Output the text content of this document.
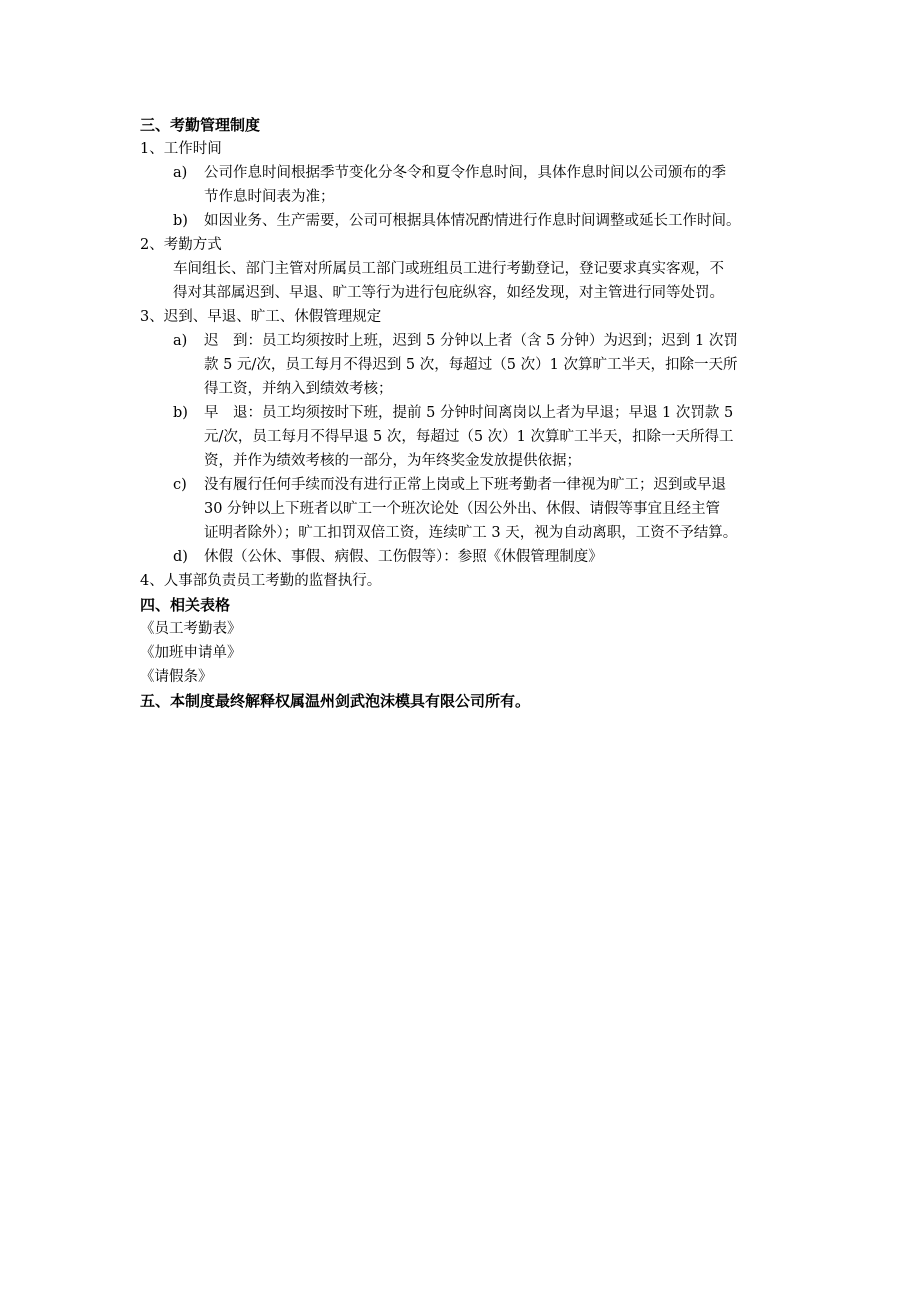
三、考勤管理制度
1、工作时间
a) 公司作息时间根据季节变化分冬令和夏令作息时间，具体作息时间以公司颁布的季
节作息时间表为准；
b) 如因业务、生产需要，公司可根据具体情况酌情进行作息时间调整或延长工作时间。
2、考勤方式
车间组长、部门主管对所属员工部门或班组员工进行考勤登记，登记要求真实客观，不
得对其部属迟到、早退、旷工等行为进行包庇纵容，如经发现，对主管进行同等处罚。
3、迟到、早退、旷工、休假管理规定
a) 迟　到：员工均须按时上班，迟到 5 分钟以上者（含 5 分钟）为迟到；迟到 1 次罚
款 5 元/次，员工每月不得迟到 5 次，每超过（5 次）1 次算旷工半天，扣除一天所
得工资，并纳入到绩效考核；
b) 早　退：员工均须按时下班，提前 5 分钟时间离岗以上者为早退；早退 1 次罚款 5
元/次，员工每月不得早退 5 次，每超过（5 次）1 次算旷工半天，扣除一天所得工
资，并作为绩效考核的一部分，为年终奖金发放提供依据；
c) 没有履行任何手续而没有进行正常上岗或上下班考勤者一律视为旷工；迟到或早退
30 分钟以上下班者以旷工一个班次论处（因公外出、休假、请假等事宜且经主管
证明者除外）；旷工扣罚双倍工资，连续旷工 3 天，视为自动离职，工资不予结算。
d) 休假（公休、事假、病假、工伤假等）：参照《休假管理制度》
4、人事部负责员工考勤的监督执行。
四、相关表格
《员工考勤表》
《加班申请单》
《请假条》
五、本制度最终解释权属温州剑武泡沫模具有限公司所有。
